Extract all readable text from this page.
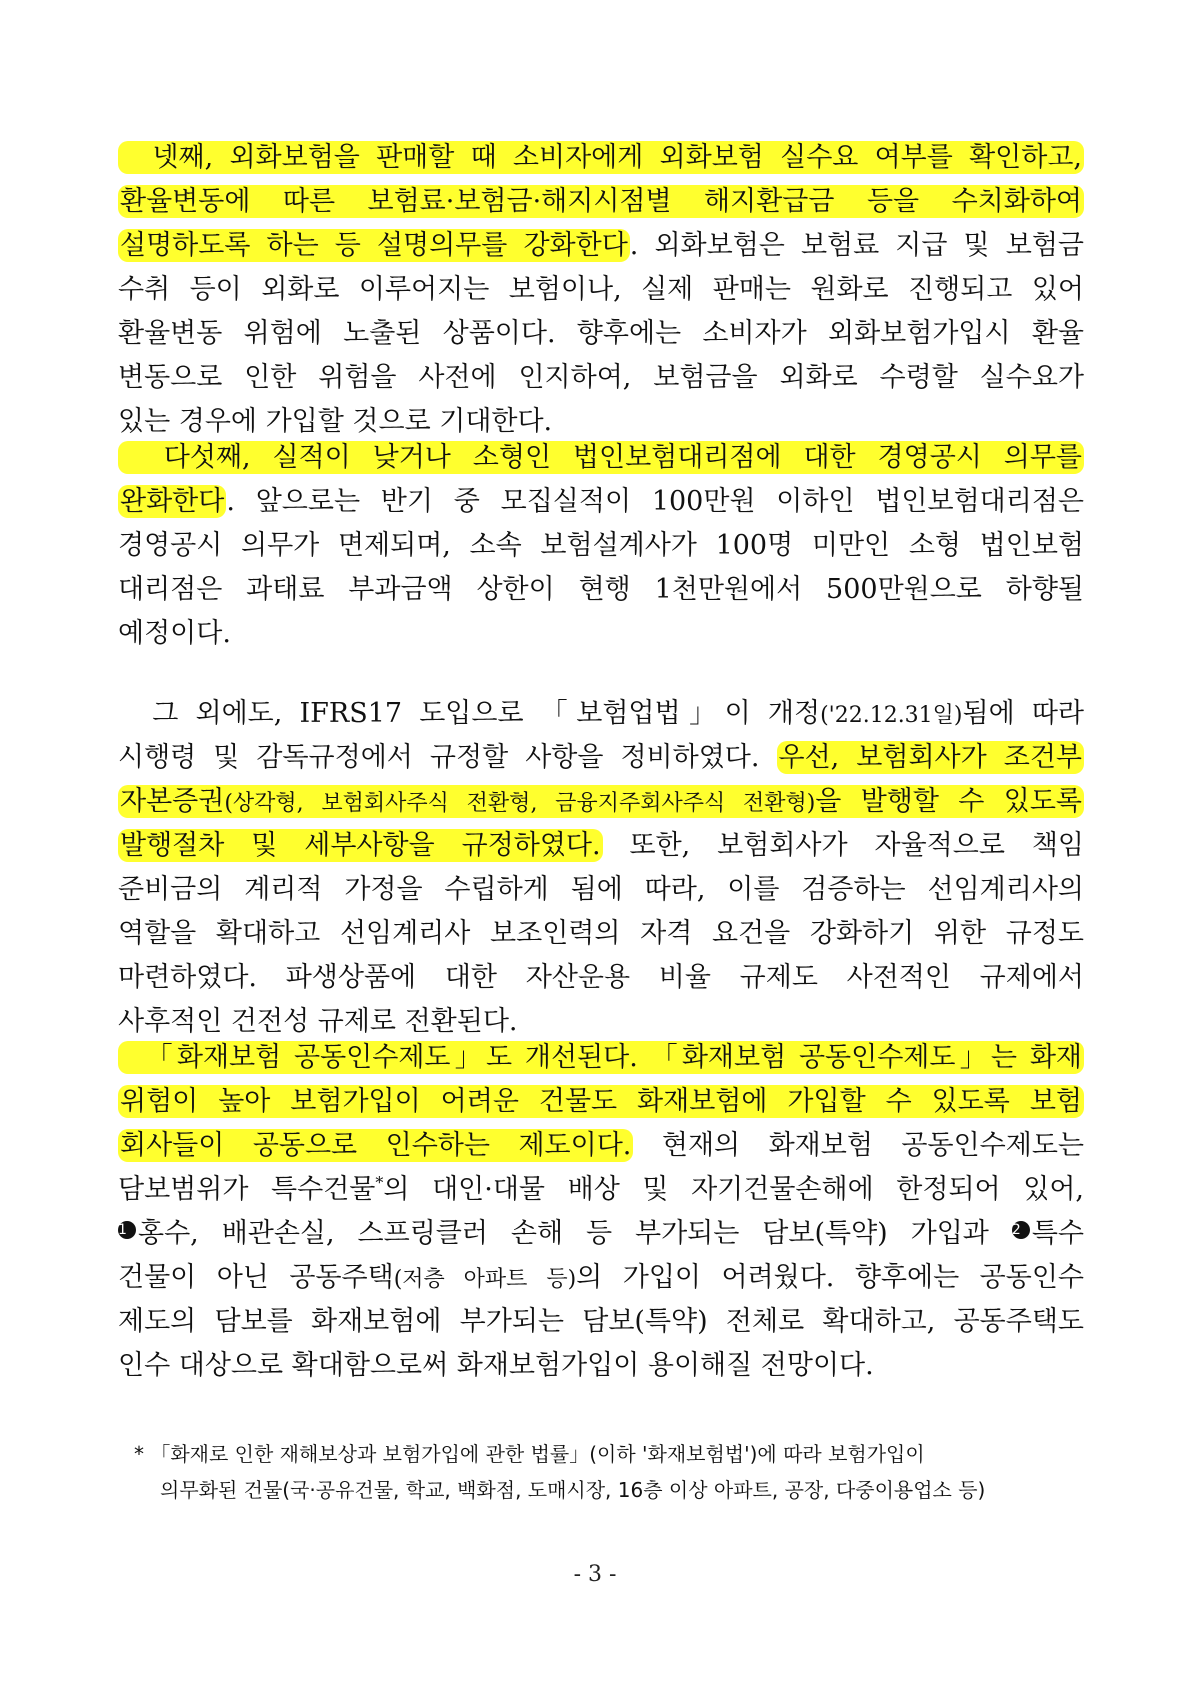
넷째, 외화보험을 판매할 때 소비자에게 외화보험 실수요 여부를 확인하고,
환율변동에 따른 보험료·보험금·해지시점별 해지환급금 등을 수치화하여
설명하도록 하는 등 설명의무를 강화한다. 외화보험은 보험료 지급 및 보험금
수취 등이 외화로 이루어지는 보험이나, 실제 판매는 원화로 진행되고 있어
환율변동 위험에 노출된 상품이다. 향후에는 소비자가 외화보험가입시 환율
변동으로 인한 위험을 사전에 인지하여, 보험금을 외화로 수령할 실수요가
있는 경우에 가입할 것으로 기대한다.
다섯째, 실적이 낮거나 소형인 법인보험대리점에 대한 경영공시 의무를
완화한다. 앞으로는 반기 중 모집실적이 100만원 이하인 법인보험대리점은
경영공시 의무가 면제되며, 소속 보험설계사가 100명 미만인 소형 법인보험
대리점은 과태료 부과금액 상한이 현행 1천만원에서 500만원으로 하향될
예정이다.
그 외에도, IFRS17 도입으로 「보험업법」이 개정('22.12.31일)됨에 따라
시행령 및 감독규정에서 규정할 사항을 정비하였다. 우선, 보험회사가 조건부
자본증권(상각형, 보험회사주식 전환형, 금융지주회사주식 전환형)을 발행할 수 있도록
발행절차 및 세부사항을 규정하였다. 또한, 보험회사가 자율적으로 책임
준비금의 계리적 가정을 수립하게 됨에 따라, 이를 검증하는 선임계리사의
역할을 확대하고 선임계리사 보조인력의 자격 요건을 강화하기 위한 규정도
마련하였다. 파생상품에 대한 자산운용 비율 규제도 사전적인 규제에서
사후적인 건전성 규제로 전환된다.
「화재보험 공동인수제도」도 개선된다. 「화재보험 공동인수제도」는 화재
위험이 높아 보험가입이 어려운 건물도 화재보험에 가입할 수 있도록 보험
회사들이 공동으로 인수하는 제도이다. 현재의 화재보험 공동인수제도는
담보범위가 특수건물*의 대인·대물 배상 및 자기건물손해에 한정되어 있어,
1 홍수, 배관손실, 스프링클러 손해 등 부가되는 담보(특약) 가입과 2 특수
건물이 아닌 공동주택(저층 아파트 등)의 가입이 어려웠다. 향후에는 공동인수
제도의 담보를 화재보험에 부가되는 담보(특약) 전체로 확대하고, 공동주택도
인수 대상으로 확대함으로써 화재보험가입이 용이해질 전망이다.
* 「화재로 인한 재해보상과 보험가입에 관한 법률」(이하 '화재보험법')에 따라 보험가입이
의무화된 건물(국·공유건물, 학교, 백화점, 도매시장, 16층 이상 아파트, 공장, 다중이용업소 등)
- 3 -
